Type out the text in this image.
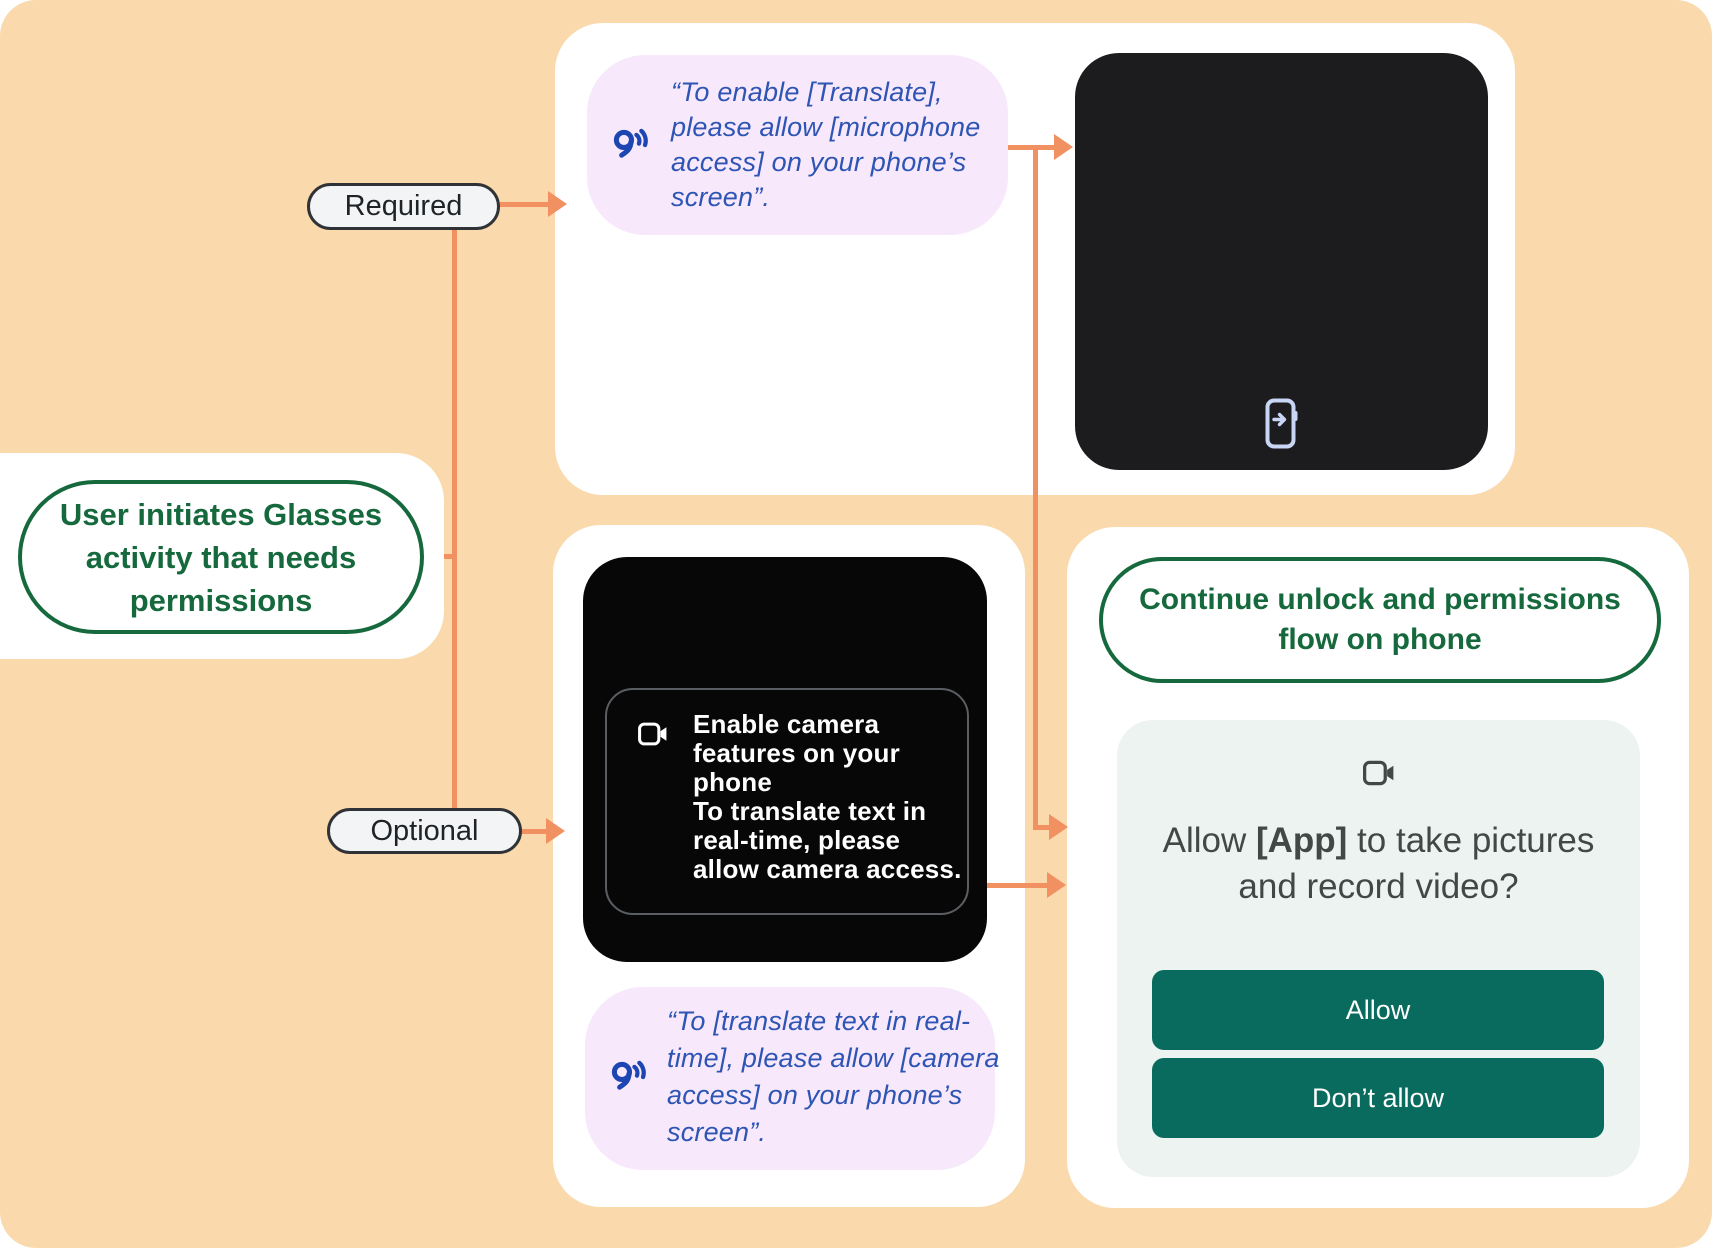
“To enable [Translate],
please allow [microphone
access] on your phone’s
screen”.
User initiates Glasses
activity that needs
permissions
Enable camera
features on your
phone
To translate text in
real-time, please
allow camera access.
“To [translate text in real-
time], please allow [camera
access] on your phone’s
screen”.
Continue unlock and permissions
flow on phone
Allow [App] to take pictures and record video?
Allow
Don’t allow
Required
Optional
